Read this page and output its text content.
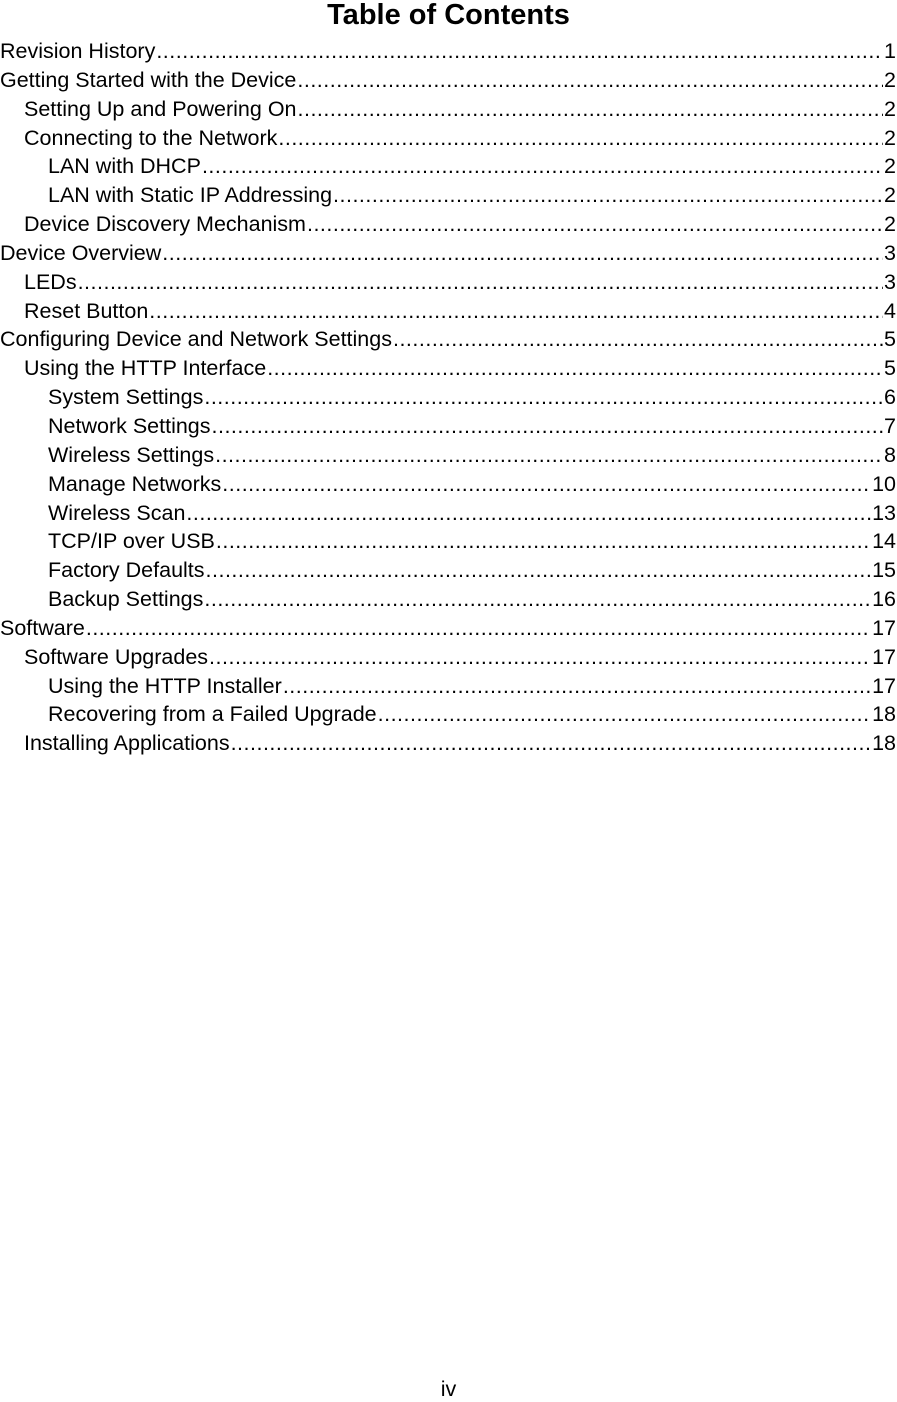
Table of Contents
Revision History .....	1
Getting Started with the Device .....	2
Setting Up and Powering On .....	2
Connecting to the Network .....	2
LAN with DHCP .....	2
LAN with Static IP Addressing .....	2
Device Discovery Mechanism .....	2
Device Overview .....	3
LEDs .....	3
Reset Button .....	4
Configuring Device and Network Settings .....	5
Using the HTTP Interface .....	5
System Settings .....	6
Network Settings .....	7
Wireless Settings .....	8
Manage Networks .....	10
Wireless Scan .....	13
TCP/IP over USB .....	14
Factory Defaults .....	15
Backup Settings .....	16
Software .....	17
Software Upgrades .....	17
Using the HTTP Installer .....	17
Recovering from a Failed Upgrade .....	18
Installing Applications .....	18
iv
